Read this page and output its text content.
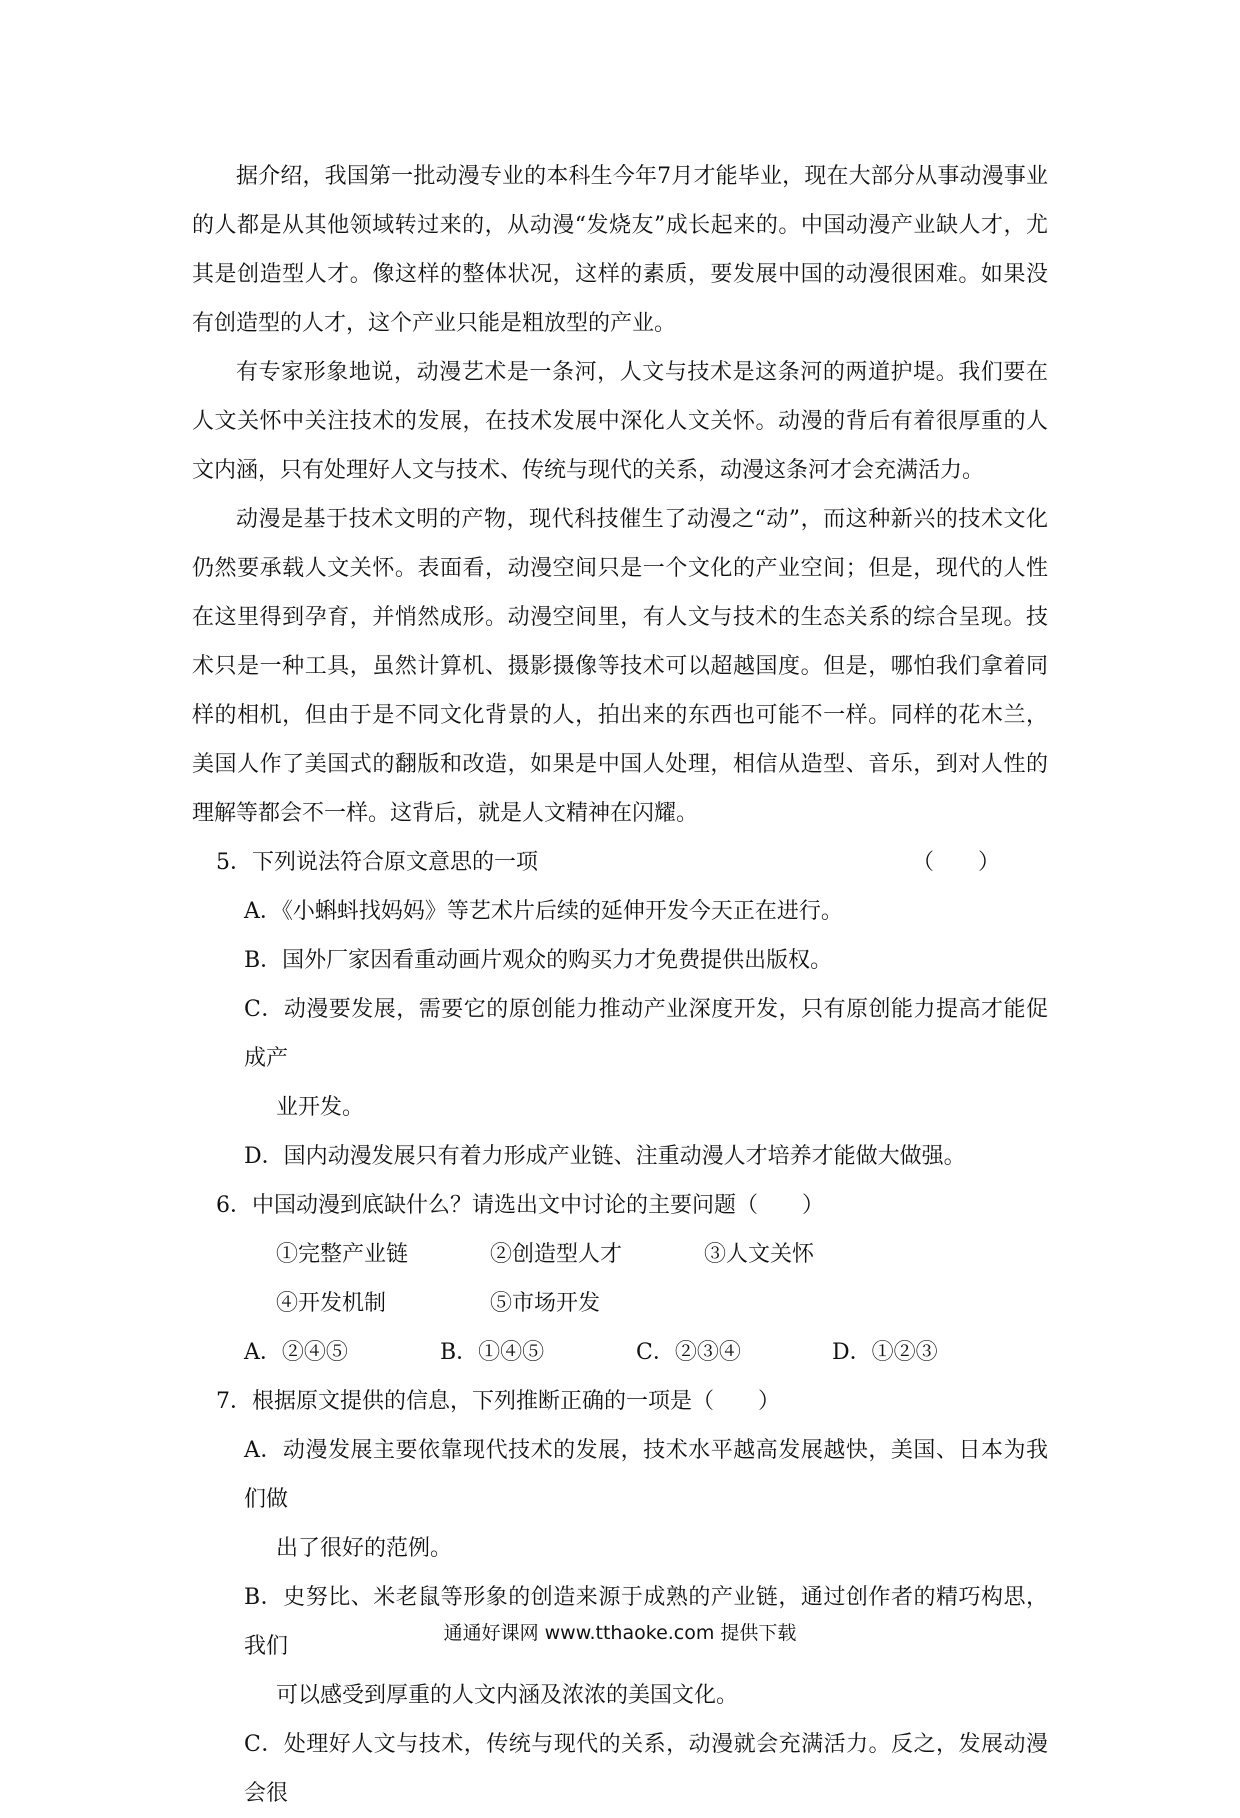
据介绍，我国第一批动漫专业的本科生今年7月才能毕业，现在大部分从事动漫事业的人都是从其他领域转过来的，从动漫“发烧友”成长起来的。中国动漫产业缺人才，尤其是创造型人才。像这样的整体状况，这样的素质，要发展中国的动漫很困难。如果没有创造型的人才，这个产业只能是粗放型的产业。

有专家形象地说，动漫艺术是一条河，人文与技术是这条河的两道护堤。我们要在人文关怀中关注技术的发展，在技术发展中深化人文关怀。动漫的背后有着很厚重的人文内涵，只有处理好人文与技术、传统与现代的关系，动漫这条河才会充满活力。

动漫是基于技术文明的产物，现代科技催生了动漫之“动”，而这种新兴的技术文化仍然要承载人文关怀。表面看，动漫空间只是一个文化的产业空间；但是，现代的人性在这里得到孕育，并悄然成形。动漫空间里，有人文与技术的生态关系的综合呈现。技术只是一种工具，虽然计算机、摄影摄像等技术可以超越国度。但是，哪怕我们拿着同样的相机，但由于是不同文化背景的人，拍出来的东西也可能不一样。同样的花木兰，美国人作了美国式的翻版和改造，如果是中国人处理，相信从造型、音乐，到对人性的理解等都会不一样。这背后，就是人文精神在闪耀。

5．下列说法符合原文意思的一项	（　　）

A．《小蝌蚪找妈妈》等艺术片后续的延伸开发今天正在进行。

B．国外厂家因看重动画片观众的购买力才免费提供出版权。

C．动漫要发展，需要它的原创能力推动产业深度开发，只有原创能力提高才能促成产

业开发。

D．国内动漫发展只有着力形成产业链、注重动漫人才培养才能做大做强。

6．中国动漫到底缺什么？请选出文中讨论的主要问题（　　）

①完整产业链	②创造型人才	③人文关怀

④开发机制	⑤市场开发

A．②④⑤	B．①④⑤	C．②③④	D．①②③

7．根据原文提供的信息，下列推断正确的一项是（　　）

A．动漫发展主要依靠现代技术的发展，技术水平越高发展越快，美国、日本为我们做

出了很好的范例。

B．史努比、米老鼠等形象的创造来源于成熟的产业链，通过创作者的精巧构思，我们

可以感受到厚重的人文内涵及浓浓的美国文化。

C．处理好人文与技术，传统与现代的关系，动漫就会充满活力。反之，发展动漫会很

通通好课网 www.tthaoke.com 提供下载
